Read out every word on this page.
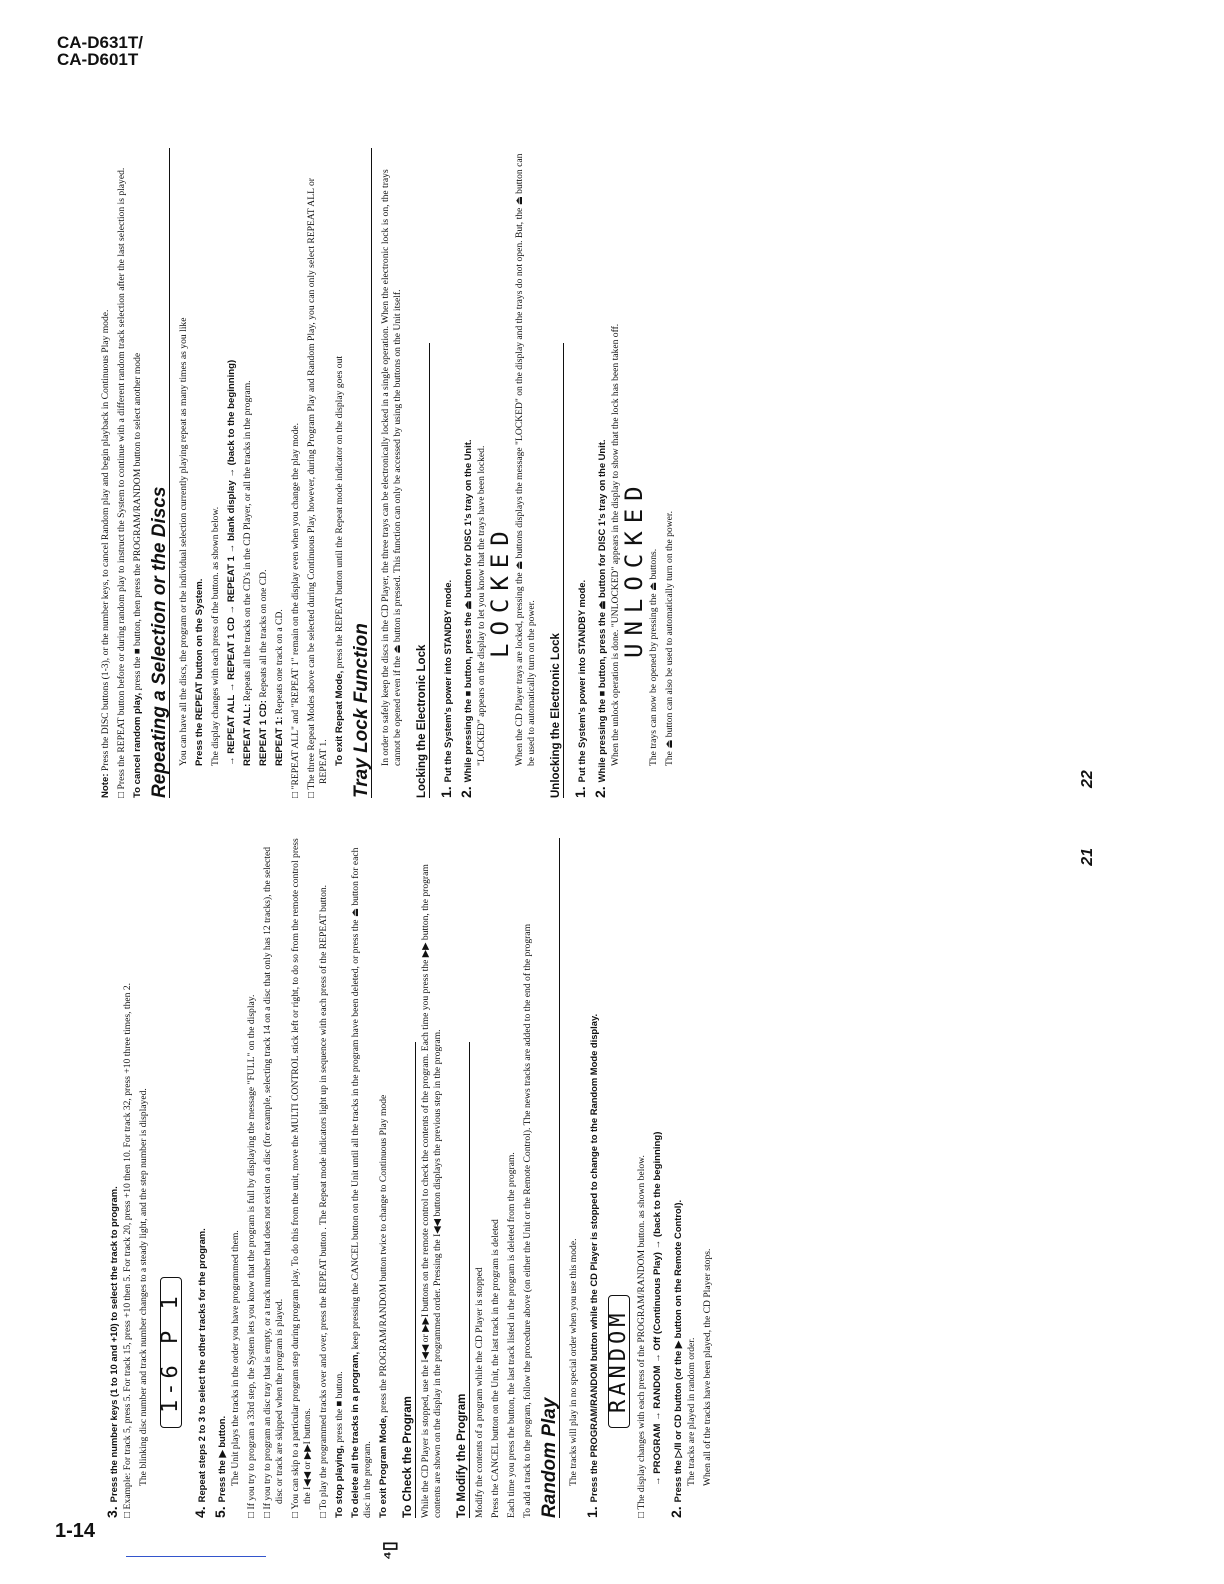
CA-D631T/
CA-D601T
⁴▯
3.Press the number keys (1 to 10 and +10) to select the track to program. □ Example: For track 5, press 5. For track 15, press +10 then 5. For track 20, press +10 then 10. For track 32, press +10 three times, then 2. The blinking disc number and track number changes to a steady light, and the step number is displayed. 1-6 P 1
4.Repeat steps 2 to 3 to select the other tracks for the program.
5.Press the ▶ button. The Unit plays the tracks in the order you have programmed them. □ If you try to program a 33rd step, the System lets you know that the program is full by displaying the message "FULL" on the display. □ If you try to program an disc tray that is empty, or a track number that does not exist on a disc (for example, selecting track 14 on a disc that only has 12 tracks), the selected disc or track are skipped when the program is played. □ You can skip to a particular program step during program play. To do this from the unit, move the MULTI CONTROL stick left or right, to do so from the remote control press the I◀◀ or ▶▶I buttons. □ To play the programmed tracks over and over, press the REPEAT button . The Repeat mode indicators light up in sequence with each press of the REPEAT button. To stop playing, press the ■ button. To delete all the tracks in a program, keep pressing the CANCEL button on the Unit until all the tracks in the program have been deleted, or press the ⏏ button for each disc in the program. To exit Program Mode, press the PROGRAM/RANDOM button twice to change to Continuous Play mode

To Check the Program While the CD Player is stopped, use the I◀◀ or ▶▶I buttons on the remote control to check the contents of the program. Each time you press the ▶▶ button, the program contents are shown on the display in the programmed order. Pressing the I◀◀ button displays the previous step in the program. To Modify the Program Modify the contents of a program while the CD Player is stopped Press the CANCEL button on the Unit, the last track in the program is deleted Each time you press the button, the last track listed in the program is deleted from the program. To add a track to the program, follow the procedure above (on either the Unit or the Remote Control). The news tracks are added to the end of the program Random Play The tracks will play in no special order when you use this mode.

1.Press the PROGRAM/RANDOM button while the CD Player is stopped to change to the Random Mode display. RANDOM □ The display changes with each press of the PROGRAM/RANDOM button. as shown below. → PROGRAM → RANDOM → Off (Continuous Play) → (back to the beginning)

2.Press the ▷/II or CD button (or the ▶ button on the Remote Control). The tracks are played in random order. When all of the tracks have been played, the CD Player stops.

21

Note: Press the DISC buttons (1-3), or the number keys, to cancel Random play and begin playback in Continuous Play mode. □ Press the REPEAT button before or during random play to instruct the System to continue with a different random track selection after the last selection is played. To cancel random play, press the ■ button, then press the PROGRAM/RANDOM button to select another mode Repeating a Selection or the Discs You can have all the discs, the program or the individual selection currently playing repeat as many times as you like Press the REPEAT button on the System. The display changes with each press of the button. as shown below. → REPEAT ALL → REPEAT 1 CD → REPEAT 1 → blank display → (back to the beginning) REPEAT ALL: Repeats all the tracks on the CD's in the CD Player, or all the tracks in the program.

REPEAT 1 CD: Repeats all the tracks on one CD.

REPEAT 1: Repeats one track on a CD. □ "REPEAT ALL" and "REPEAT 1" remain on the display even when you change the play mode. □ The three Repeat Modes above can be selected during Continuous Play, however, during Program Play and Random Play, you can only select REPEAT ALL or REPEAT 1. To exit Repeat Mode, press the REPEAT button until the Repeat mode indicator on the display goes out

Tray Lock Function In order to safely keep the discs in the CD Player, the three trays can be electronically locked in a single operation. When the electronic lock is on, the trays cannot be opened even if the ⏏ button is pressed. This function can only be accessed by using the buttons on the Unit itself. Locking the Electronic Lock 1.Put the System's power into STANDBY mode.
2.While pressing the ■ button, press the ⏏ button for DISC 1's tray on the Unit. "LOCKED" appears on the display to let you know that the trays have been locked. LOCKED When the CD Player trays are locked, pressing the ⏏ buttons displays the message "LOCKED" on the display and the trays do not open. But, the ⏏ button can be used to automatically turn on the power. Unlocking the Electronic Lock 1.Put the System's power into STANDBY mode.
2.While pressing the ■ button, press the ⏏ button for DISC 1's tray on the Unit. When the unlock operation is done. "UNLOCKED" appears in the display to show that the lock has been taken off. UNLOCKED The trays can now be opened by pressing the ⏏ buttons. The ⏏ button can also be used to automatically turn on the power.

22
1-14
